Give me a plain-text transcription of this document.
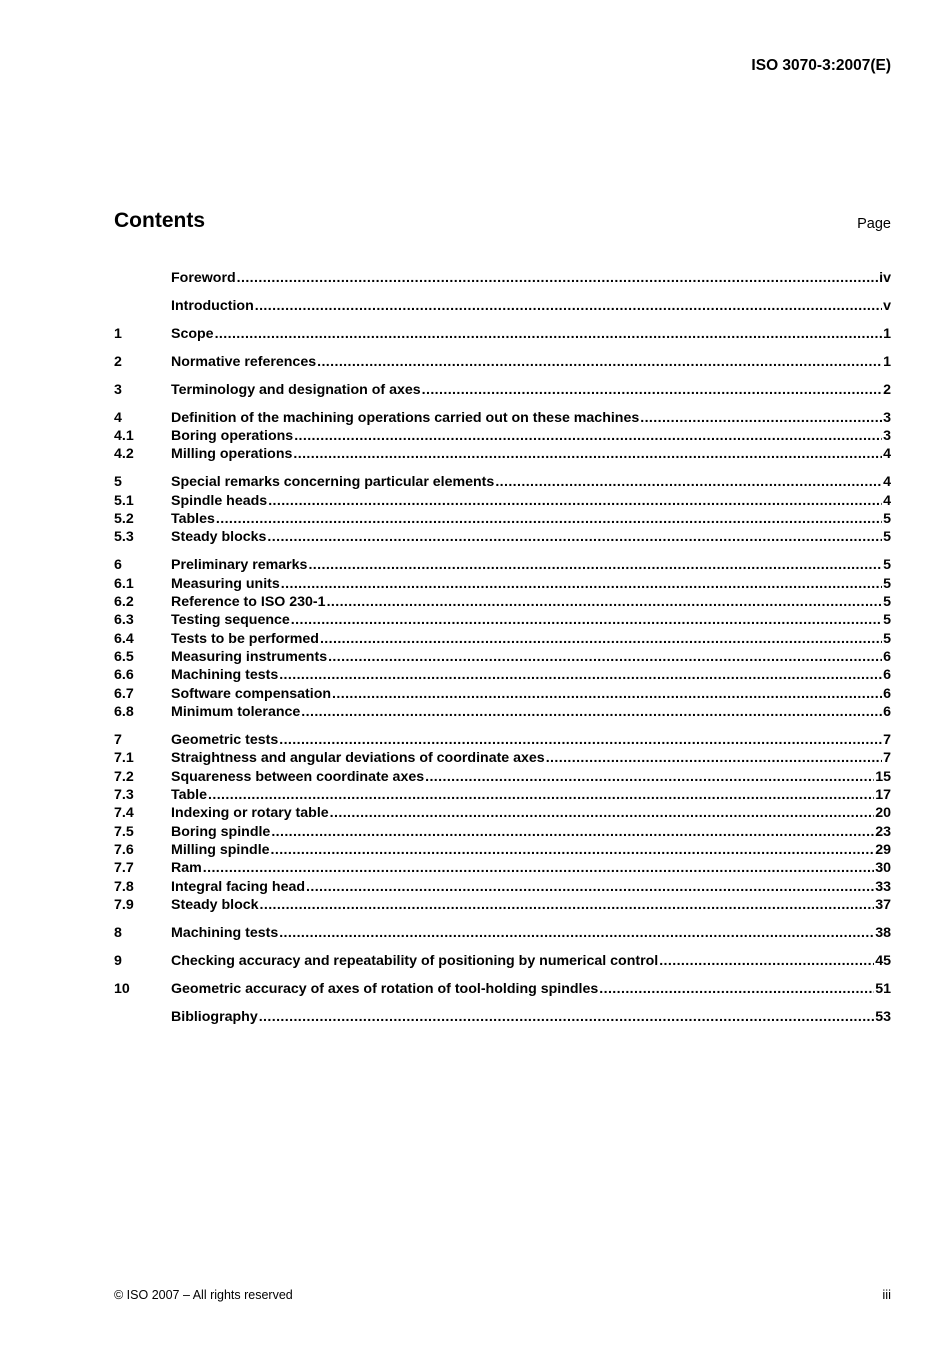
ISO 3070-3:2007(E)
Contents	Page
Foreword .....	iv
Introduction .....	v
1	Scope .....	1
2	Normative references .....	1
3	Terminology and designation of axes .....	2
4	Definition of the machining operations carried out on these machines .....	3
4.1	Boring operations .....	3
4.2	Milling operations .....	4
5	Special remarks concerning particular elements .....	4
5.1	Spindle heads .....	4
5.2	Tables .....	5
5.3	Steady blocks .....	5
6	Preliminary remarks .....	5
6.1	Measuring units .....	5
6.2	Reference to ISO 230-1 .....	5
6.3	Testing sequence .....	5
6.4	Tests to be performed .....	5
6.5	Measuring instruments .....	6
6.6	Machining tests .....	6
6.7	Software compensation .....	6
6.8	Minimum tolerance .....	6
7	Geometric tests .....	7
7.1	Straightness and angular deviations of coordinate axes .....	7
7.2	Squareness between coordinate axes .....	15
7.3	Table .....	17
7.4	Indexing or rotary table .....	20
7.5	Boring spindle .....	23
7.6	Milling spindle .....	29
7.7	Ram .....	30
7.8	Integral facing head .....	33
7.9	Steady block .....	37
8	Machining tests .....	38
9	Checking accuracy and repeatability of positioning by numerical control .....	45
10	Geometric accuracy of axes of rotation of tool-holding spindles .....	51
Bibliography .....	53
© ISO 2007 – All rights reserved	iii
